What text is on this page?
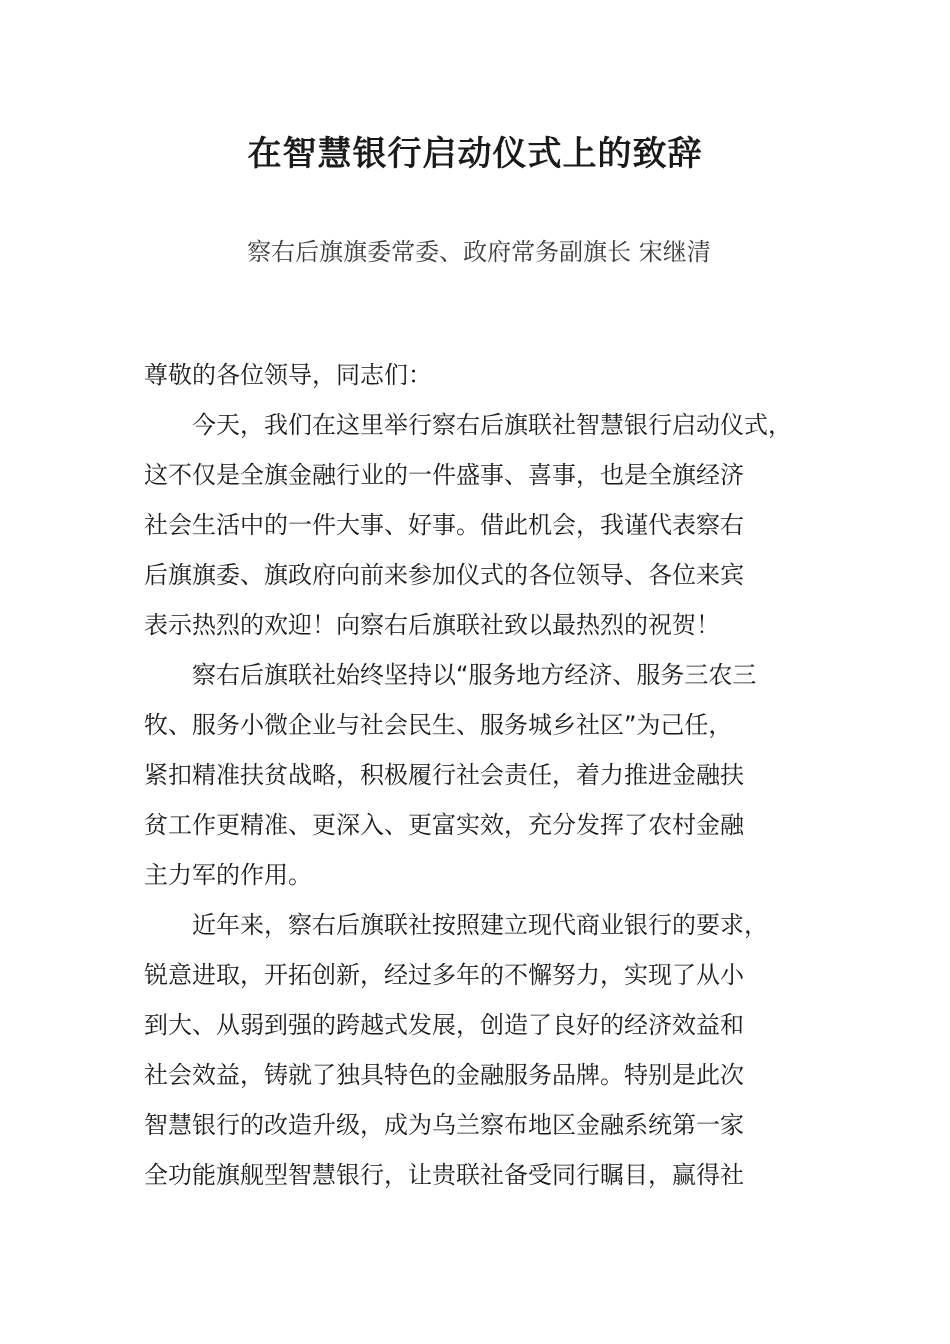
在智慧银行启动仪式上的致辞
察右后旗旗委常委、政府常务副旗长 宋继清
尊敬的各位领导，同志们：
今天，我们在这里举行察右后旗联社智慧银行启动仪式，
这不仅是全旗金融行业的一件盛事、喜事，也是全旗经济
社会生活中的一件大事、好事。借此机会，我谨代表察右
后旗旗委、旗政府向前来参加仪式的各位领导、各位来宾
表示热烈的欢迎！向察右后旗联社致以最热烈的祝贺！
察右后旗联社始终坚持以“服务地方经济、服务三农三
牧、服务小微企业与社会民生、服务城乡社区”为己任，
紧扣精准扶贫战略，积极履行社会责任，着力推进金融扶
贫工作更精准、更深入、更富实效，充分发挥了农村金融
主力军的作用。
近年来，察右后旗联社按照建立现代商业银行的要求，
锐意进取，开拓创新，经过多年的不懈努力，实现了从小
到大、从弱到强的跨越式发展，创造了良好的经济效益和
社会效益，铸就了独具特色的金融服务品牌。特别是此次
智慧银行的改造升级，成为乌兰察布地区金融系统第一家
全功能旗舰型智慧银行，让贵联社备受同行瞩目，赢得社
